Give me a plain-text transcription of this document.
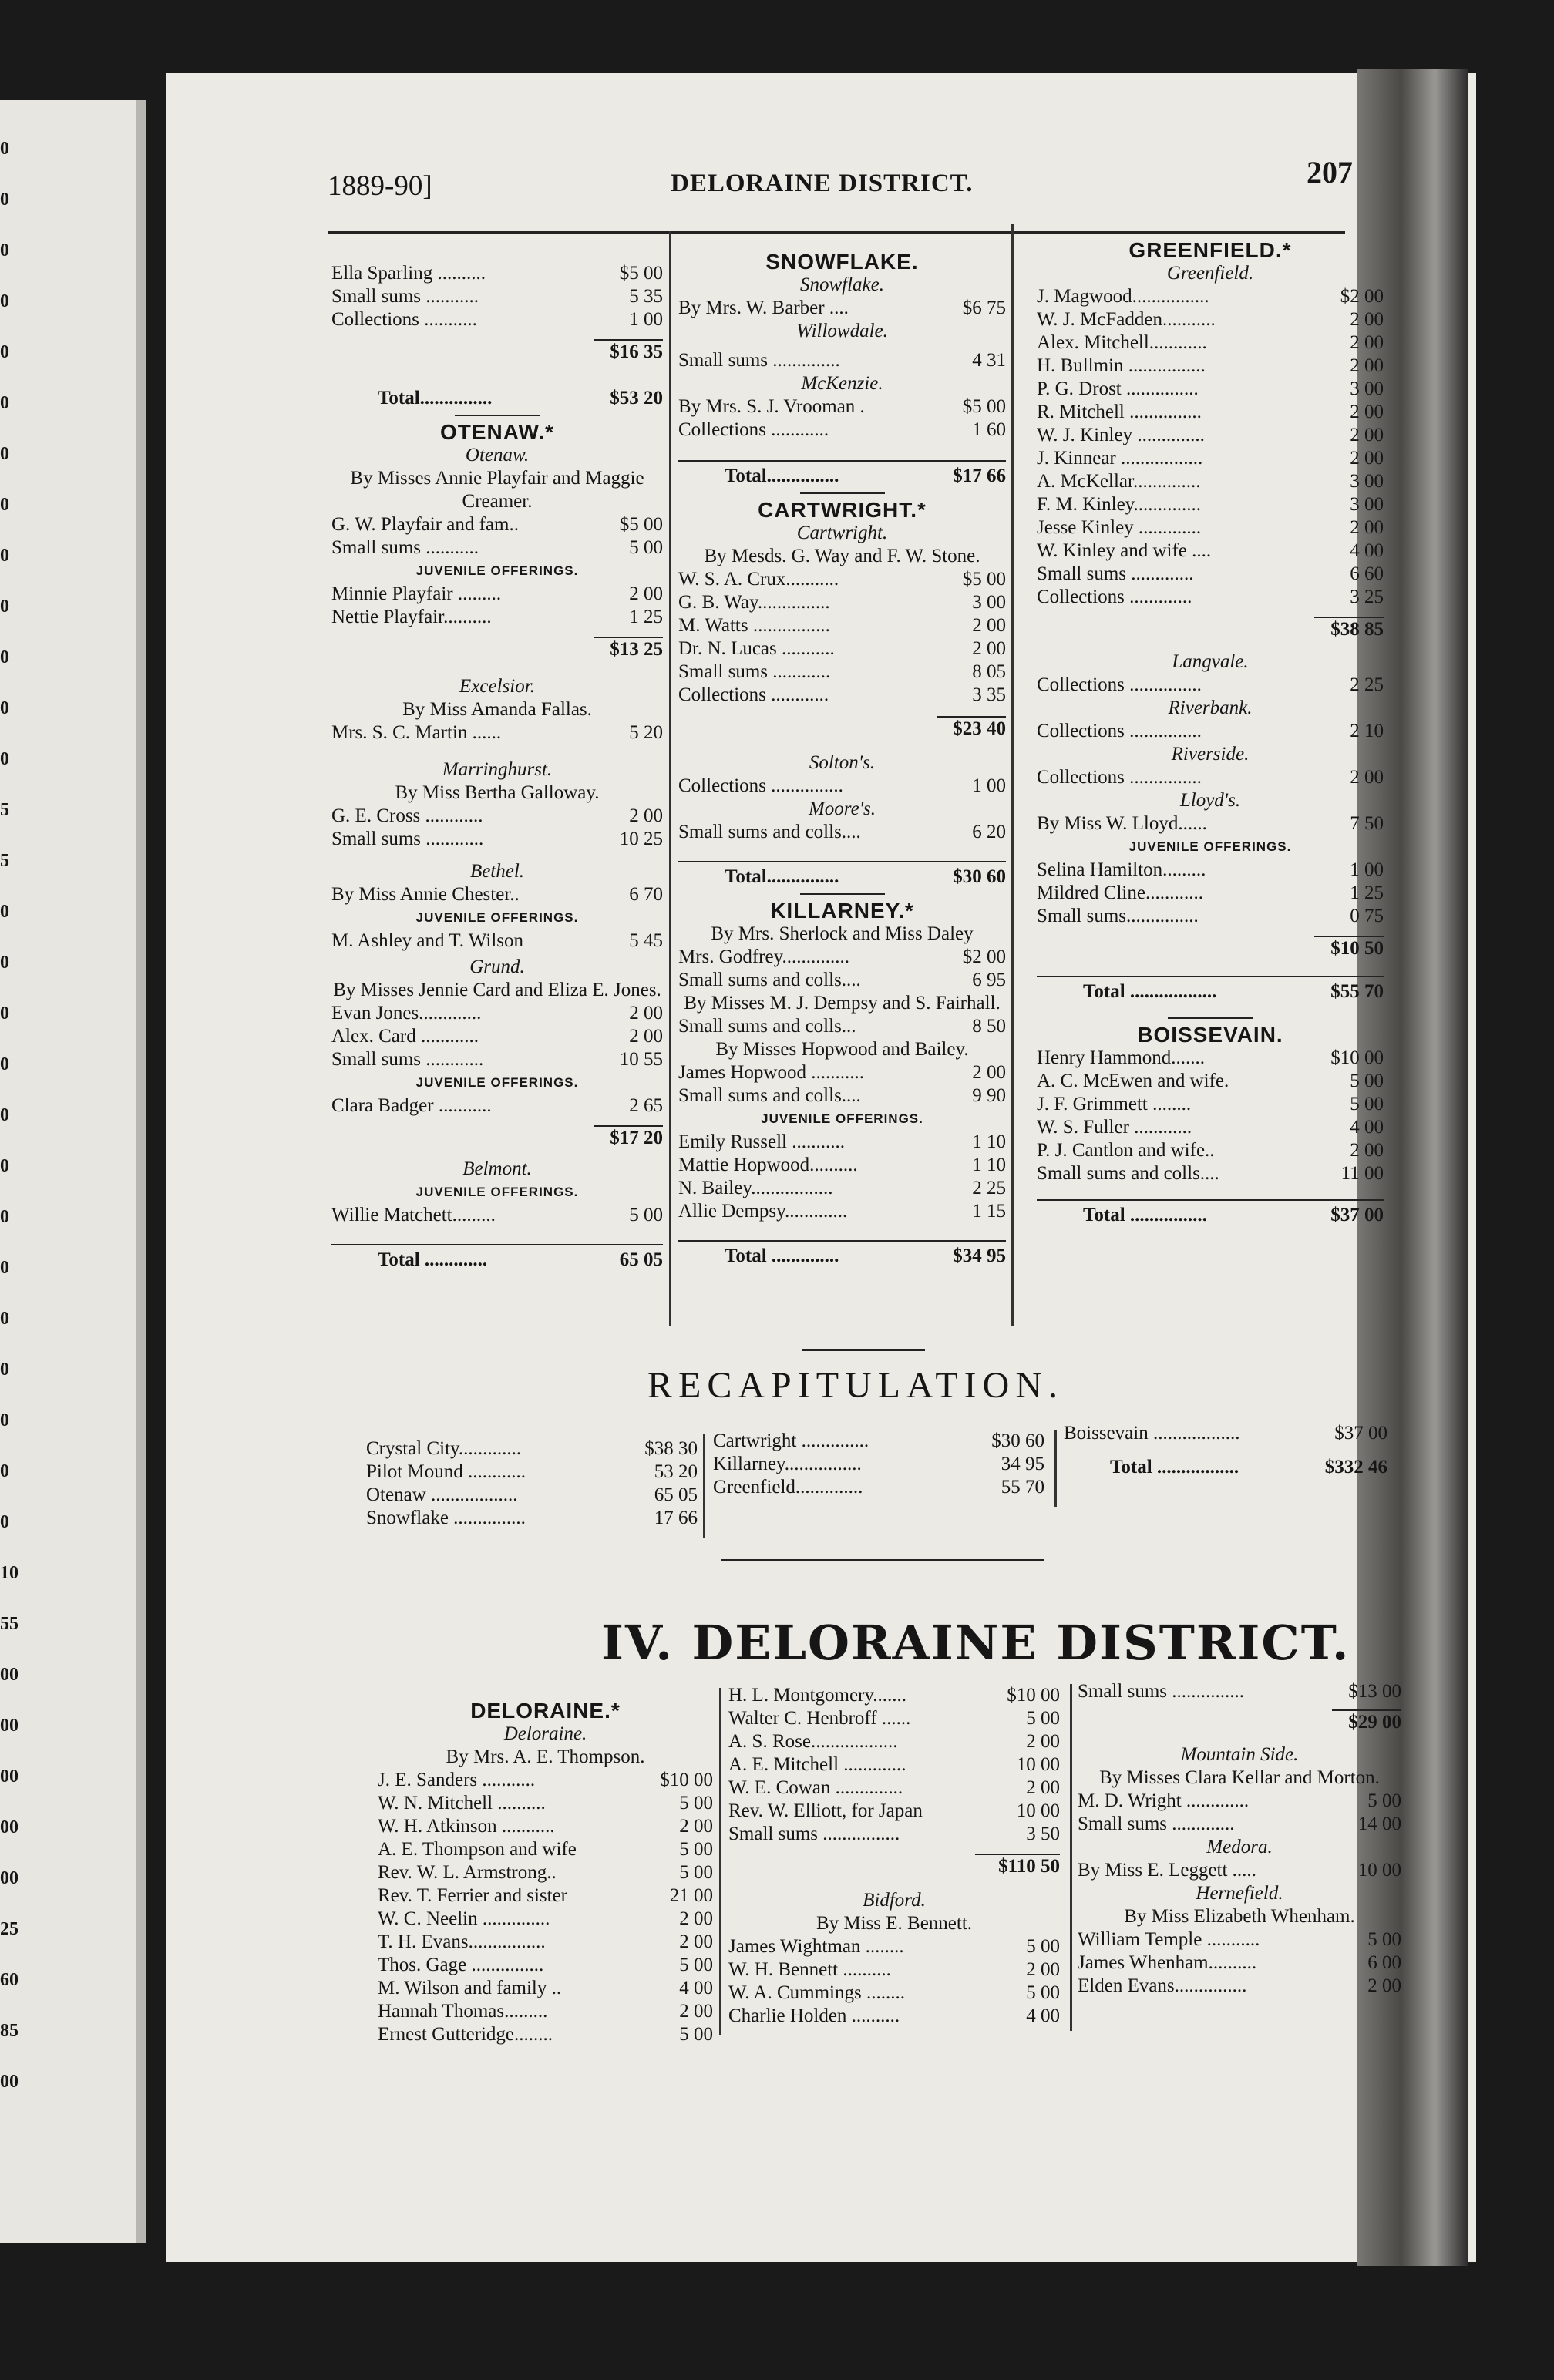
0
0
0
0
0
0
0
0
0
0
0
0
0
5
5
0
0
0
0
0
0
0
0
0
0
0
0
0
10
55
00
00
00
00
00
25
60
85
00
1889-90]	DELORAINE DISTRICT.	207
Ella Sparling ..........	$5 00
Small sums ...........	5 35
Collections ...........	1 00
$16 35
Total...............	$53 20
OTENAW.*
Otenaw.
By Misses Annie Playfair and Maggie Creamer.
G. W. Playfair and fam..	$5 00
Small sums ...........	5 00
JUVENILE OFFERINGS.
Minnie Playfair .........	2 00
Nettie Playfair..........	1 25
$13 25
Excelsior.
By Miss Amanda Fallas.
Mrs. S. C. Martin ......	5 20
Marringhurst.
By Miss Bertha Galloway.
G. E. Cross ............	2 00
Small sums ............	10 25
Bethel.
By Miss Annie Chester..	6 70
JUVENILE OFFERINGS.
M. Ashley and T. Wilson	5 45
Grund.
By Misses Jennie Card and Eliza E. Jones.
Evan Jones.............	2 00
Alex. Card ............	2 00
Small sums ............	10 55
JUVENILE OFFERINGS.
Clara Badger ...........	2 65
$17 20
Belmont.
JUVENILE OFFERINGS.
Willie Matchett.........	5 00
Total .............	65 05
SNOWFLAKE.
Snowflake.
By Mrs. W. Barber ....	$6 75
Willowdale.
Small sums ..............	4 31
McKenzie.
By Mrs. S. J. Vrooman .	$5 00
Collections ............	1 60
Total...............	$17 66
CARTWRIGHT.*
Cartwright.
By Mesds. G. Way and F. W. Stone.
W. S. A. Crux...........	$5 00
G. B. Way...............	3 00
M. Watts ................	2 00
Dr. N. Lucas ...........	2 00
Small sums ............	8 05
Collections ............	3 35
$23 40
Solton's.
Collections ...............	1 00
Moore's.
Small sums and colls....	6 20
Total...............	$30 60
KILLARNEY.*
By Mrs. Sherlock and Miss Daley
Mrs. Godfrey..............	$2 00
Small sums and colls....	6 95
By Misses M. J. Dempsy and S. Fairhall.
Small sums and colls...	8 50
By Misses Hopwood and Bailey.
James Hopwood ...........	2 00
Small sums and colls....	9 90
JUVENILE OFFERINGS.
Emily Russell ...........	1 10
Mattie Hopwood..........	1 10
N. Bailey.................	2 25
Allie Dempsy.............	1 15
Total ..............	$34 95
GREENFIELD.*
Greenfield.
J. Magwood................	$2 00
W. J. McFadden...........	2 00
Alex. Mitchell............	2 00
H. Bullmin ................	2 00
P. G. Drost ...............	3 00
R. Mitchell ...............	2 00
W. J. Kinley ..............	2 00
J. Kinnear .................	2 00
A. McKellar..............	3 00
F. M. Kinley..............	3 00
Jesse Kinley .............	2 00
W. Kinley and wife ....	4 00
Small sums .............	6 60
Collections .............	3 25
$38 85
Langvale.
Collections ...............	2 25
Riverbank.
Collections ...............	2 10
Riverside.
Collections ...............	2 00
Lloyd's.
By Miss W. Lloyd......	7 50
JUVENILE OFFERINGS.
Selina Hamilton.........	1 00
Mildred Cline............	1 25
Small sums...............	0 75
$10 50
Total ..................	$55 70
BOISSEVAIN.
Henry Hammond.......	$10 00
A. C. McEwen and wife.	5 00
J. F. Grimmett ........	5 00
W. S. Fuller ............	4 00
P. J. Cantlon and wife..	2 00
Small sums and colls....	11 00
Total ................	$37 00
RECAPITULATION.
Crystal City.............	$38 30
Pilot Mound ............	53 20
Otenaw ..................	65 05
Snowflake ...............	17 66
Cartwright ..............	$30 60
Killarney................	34 95
Greenfield..............	55 70
Boissevain ..................	$37 00
Total .................	$332 46
IV. DELORAINE DISTRICT.
DELORAINE.*
Deloraine.
By Mrs. A. E. Thompson.
J. E. Sanders ...........	$10 00
W. N. Mitchell ..........	5 00
W. H. Atkinson ...........	2 00
A. E. Thompson and wife	5 00
Rev. W. L. Armstrong..	5 00
Rev. T. Ferrier and sister	21 00
W. C. Neelin ..............	2 00
T. H. Evans................	2 00
Thos. Gage ...............	5 00
M. Wilson and family ..	4 00
Hannah Thomas.........	2 00
Ernest Gutteridge........	5 00
H. L. Montgomery.......	$10 00
Walter C. Henbroff ......	5 00
A. S. Rose..................	2 00
A. E. Mitchell .............	10 00
W. E. Cowan ..............	2 00
Rev. W. Elliott, for Japan	10 00
Small sums ................	3 50
$110 50
Bidford.
By Miss E. Bennett.
James Wightman ........	5 00
W. H. Bennett ..........	2 00
W. A. Cummings ........	5 00
Charlie Holden ..........	4 00
Small sums ...............	$13 00
$29 00
Mountain Side.
By Misses Clara Kellar and Morton.
M. D. Wright .............	5 00
Small sums .............	14 00
Medora.
By Miss E. Leggett .....	10 00
Hernefield.
By Miss Elizabeth Whenham.
William Temple ...........	5 00
James Whenham..........	6 00
Elden Evans...............	2 00
